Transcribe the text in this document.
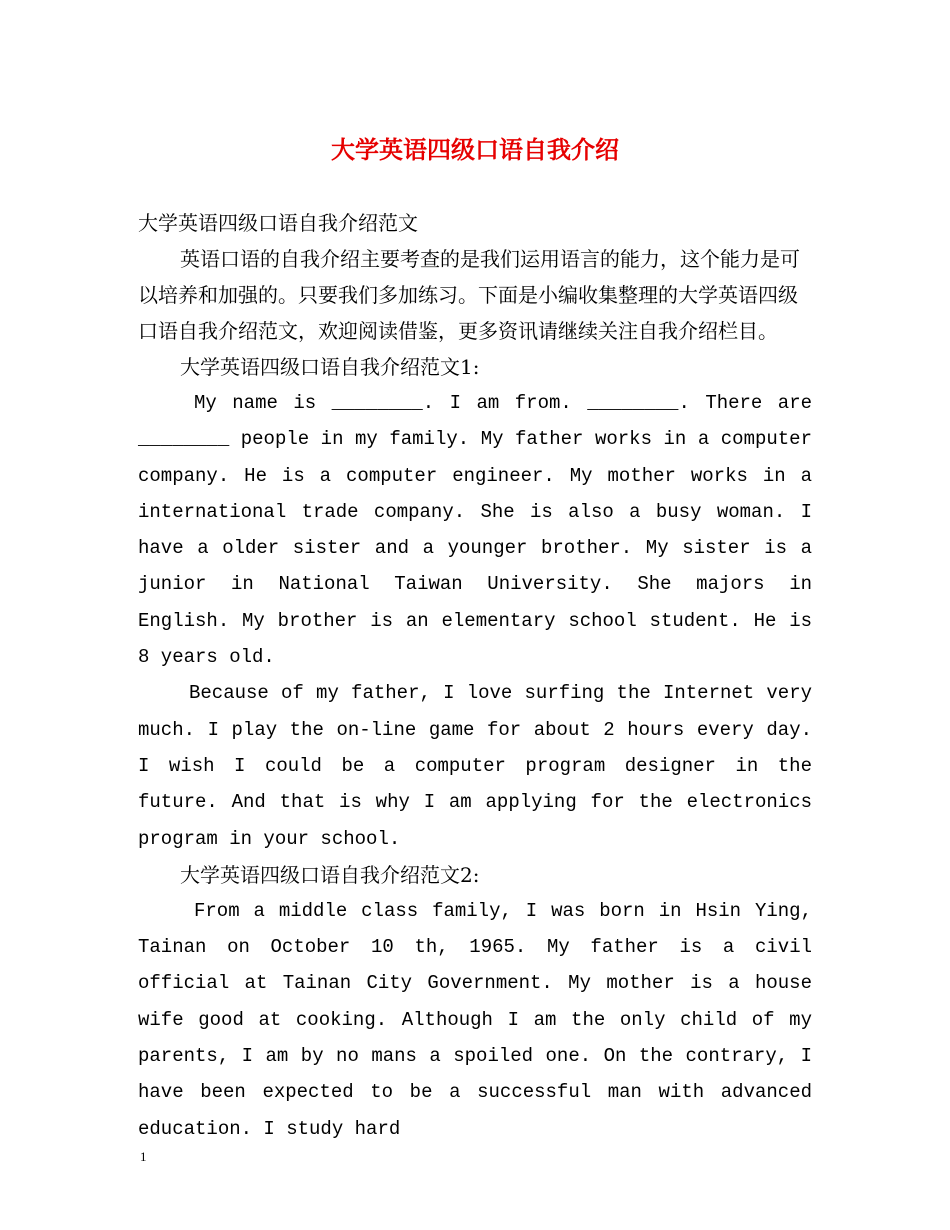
大学英语四级口语自我介绍

大学英语四级口语自我介绍范文

英语口语的自我介绍主要考查的是我们运用语言的能力，这个能力是可以培养和加强的。只要我们多加练习。下面是小编收集整理的大学英语四级口语自我介绍范文，欢迎阅读借鉴，更多资讯请继续关注自我介绍栏目。

大学英语四级口语自我介绍范文1:

My name is ________. I am from. ________. There are ________ people in my family. My father works in a computer company. He is a computer engineer. My mother works in a international trade company. She is also a busy woman. I have a older sister and a younger brother. My sister is a junior in National Taiwan University. She majors in English. My brother is an elementary school student. He is 8 years old.

Because of my father, I love surfing the Internet very much. I play the on-line game for about 2 hours every day. I wish I could be a computer program designer in the future. And that is why I am applying for the electronics program in your school.

大学英语四级口语自我介绍范文2:

From a middle class family, I was born in Hsin Ying, Tainan on October 10 th, 1965. My father is a civil official at Tainan City Government. My mother is a house wife good at cooking. Although I am the only child of my parents, I am by no mans a spoiled one. On the contrary, I have been expected to be a successful man with advanced education. I study hard

1
